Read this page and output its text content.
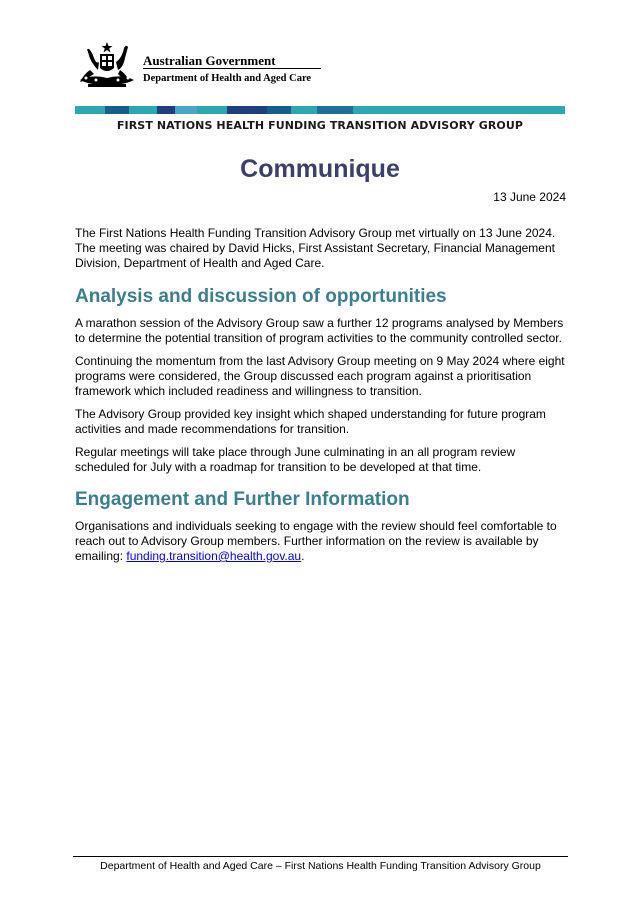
Australian Government
Department of Health and Aged Care
FIRST NATIONS HEALTH FUNDING TRANSITION ADVISORY GROUP
Communique
13 June 2024
The First Nations Health Funding Transition Advisory Group met virtually on 13 June 2024. The meeting was chaired by David Hicks, First Assistant Secretary, Financial Management Division, Department of Health and Aged Care.
Analysis and discussion of opportunities
A marathon session of the Advisory Group saw a further 12 programs analysed by Members to determine the potential transition of program activities to the community controlled sector.
Continuing the momentum from the last Advisory Group meeting on 9 May 2024 where eight programs were considered, the Group discussed each program against a prioritisation framework which included readiness and willingness to transition.
The Advisory Group provided key insight which shaped understanding for future program activities and made recommendations for transition.
Regular meetings will take place through June culminating in an all program review scheduled for July with a roadmap for transition to be developed at that time.
Engagement and Further Information
Organisations and individuals seeking to engage with the review should feel comfortable to reach out to Advisory Group members. Further information on the review is available by emailing: funding.transition@health.gov.au.
Department of Health and Aged Care – First Nations Health Funding Transition Advisory Group
